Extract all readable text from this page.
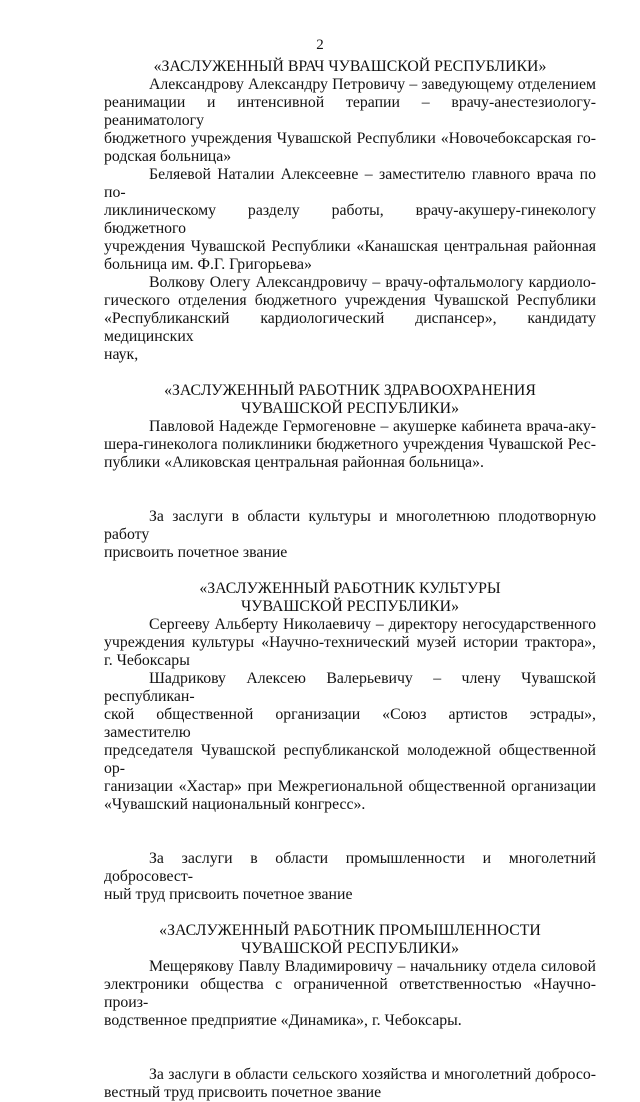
2
«ЗАСЛУЖЕННЫЙ ВРАЧ ЧУВАШСКОЙ РЕСПУБЛИКИ»
Александрову Александру Петровичу – заведующему отделением
реанимации и интенсивной терапии – врачу-анестезиологу-реаниматологу
бюджетного учреждения Чувашской Республики «Новочебоксарская го-
родская больница»
Беляевой Наталии Алексеевне – заместителю главного врача по по-
ликлиническому разделу работы, врачу-акушеру-гинекологу бюджетного
учреждения Чувашской Республики «Канашская центральная районная
больница им. Ф.Г. Григорьева»
Волкову Олегу Александровичу – врачу-офтальмологу кардиоло-
гического отделения бюджетного учреждения Чувашской Республики
«Республиканский кардиологический диспансер», кандидату медицинских
наук,
«ЗАСЛУЖЕННЫЙ РАБОТНИК ЗДРАВООХРАНЕНИЯ
ЧУВАШСКОЙ РЕСПУБЛИКИ»
Павловой Надежде Гермогеновне – акушерке кабинета врача-аку-
шера-гинеколога поликлиники бюджетного учреждения Чувашской Рес-
публики «Аликовская центральная районная больница».
За заслуги в области культуры и многолетнюю плодотворную работу
присвоить почетное звание
«ЗАСЛУЖЕННЫЙ РАБОТНИК КУЛЬТУРЫ
ЧУВАШСКОЙ РЕСПУБЛИКИ»
Сергееву Альберту Николаевичу – директору негосударственного
учреждения культуры «Научно-технический музей истории трактора»,
г. Чебоксары
Шадрикову Алексею Валерьевичу – члену Чувашской республикан-
ской общественной организации «Союз артистов эстрады», заместителю
председателя Чувашской республиканской молодежной общественной ор-
ганизации «Хастар» при Межрегиональной общественной организации
«Чувашский национальный конгресс».
За заслуги в области промышленности и многолетний добросовест-
ный труд присвоить почетное звание
«ЗАСЛУЖЕННЫЙ РАБОТНИК ПРОМЫШЛЕННОСТИ
ЧУВАШСКОЙ РЕСПУБЛИКИ»
Мещерякову Павлу Владимировичу – начальнику отдела силовой
электроники общества с ограниченной ответственностью «Научно-произ-
водственное предприятие «Динамика», г. Чебоксары.
За заслуги в области сельского хозяйства и многолетний добросо-
вестный труд присвоить почетное звание
